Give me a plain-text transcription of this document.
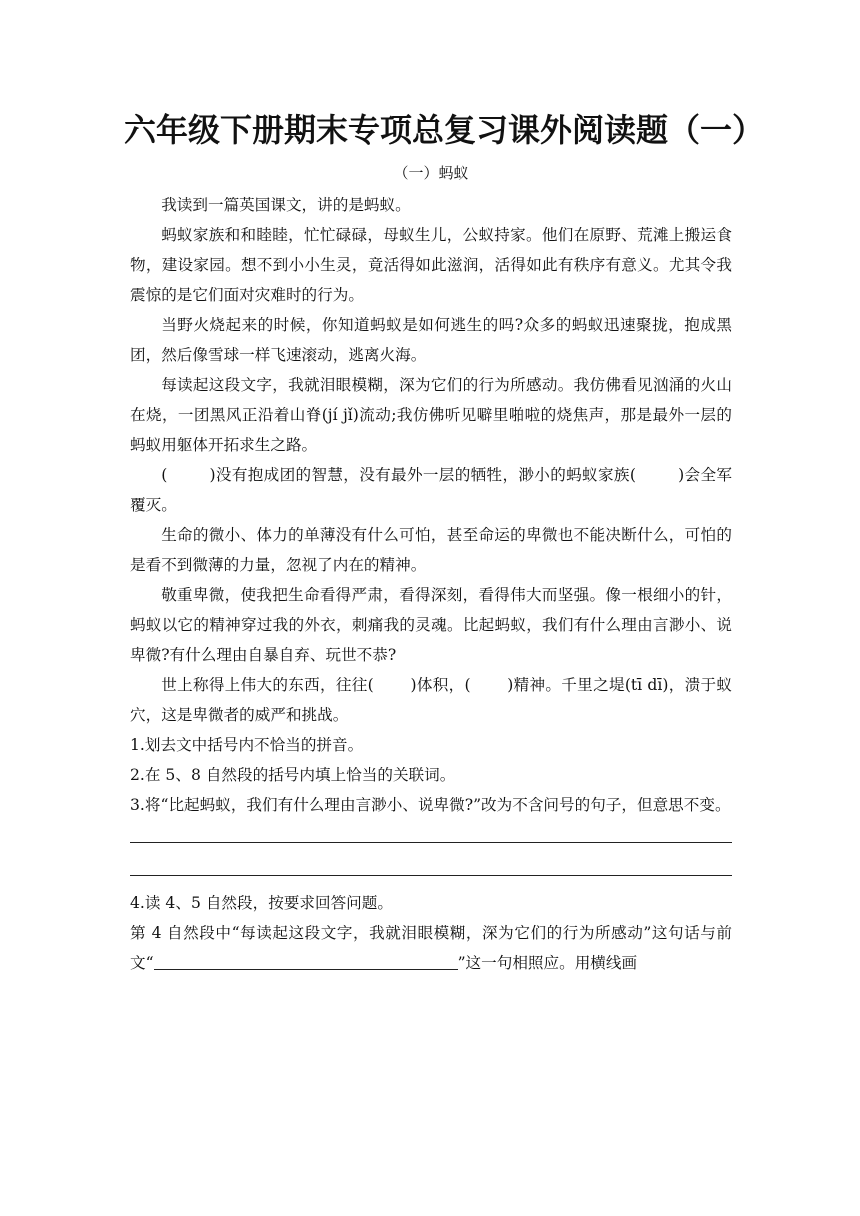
六年级下册期末专项总复习课外阅读题（一）
（一）蚂蚁

我读到一篇英国课文，讲的是蚂蚁。

蚂蚁家族和和睦睦，忙忙碌碌，母蚁生儿，公蚁持家。他们在原野、荒滩上搬运食物，建设家园。想不到小小生灵，竟活得如此滋润，活得如此有秩序有意义。尤其令我震惊的是它们面对灾难时的行为。

当野火烧起来的时候，你知道蚂蚁是如何逃生的吗?众多的蚂蚁迅速聚拢，抱成黑团，然后像雪球一样飞速滚动，逃离火海。

每读起这段文字，我就泪眼模糊，深为它们的行为所感动。我仿佛看见汹涌的火山在烧，一团黑风正沿着山脊(jí jǐ)流动;我仿佛听见噼里啪啦的烧焦声，那是最外一层的蚂蚁用躯体开拓求生之路。

(        )没有抱成团的智慧，没有最外一层的牺牲，渺小的蚂蚁家族(        )会全军覆灭。

生命的微小、体力的单薄没有什么可怕，甚至命运的卑微也不能决断什么，可怕的是看不到微薄的力量，忽视了内在的精神。

敬重卑微，使我把生命看得严肃，看得深刻，看得伟大而坚强。像一根细小的针，蚂蚁以它的精神穿过我的外衣，刺痛我的灵魂。比起蚂蚁，我们有什么理由言渺小、说卑微?有什么理由自暴自弃、玩世不恭?

世上称得上伟大的东西，往往(       )体积，(       )精神。千里之堤(tī dī)，溃于蚁穴，这是卑微者的威严和挑战。

1.划去文中括号内不恰当的拼音。

2.在 5、8 自然段的括号内填上恰当的关联词。

3.将“比起蚂蚁，我们有什么理由言渺小、说卑微?”改为不含问号的句子，但意思不变。

4.读 4、5 自然段，按要求回答问题。

第 4 自然段中“每读起这段文字，我就泪眼模糊，深为它们的行为所感动”这句话与前文“	”这一句相照应。用横线画
